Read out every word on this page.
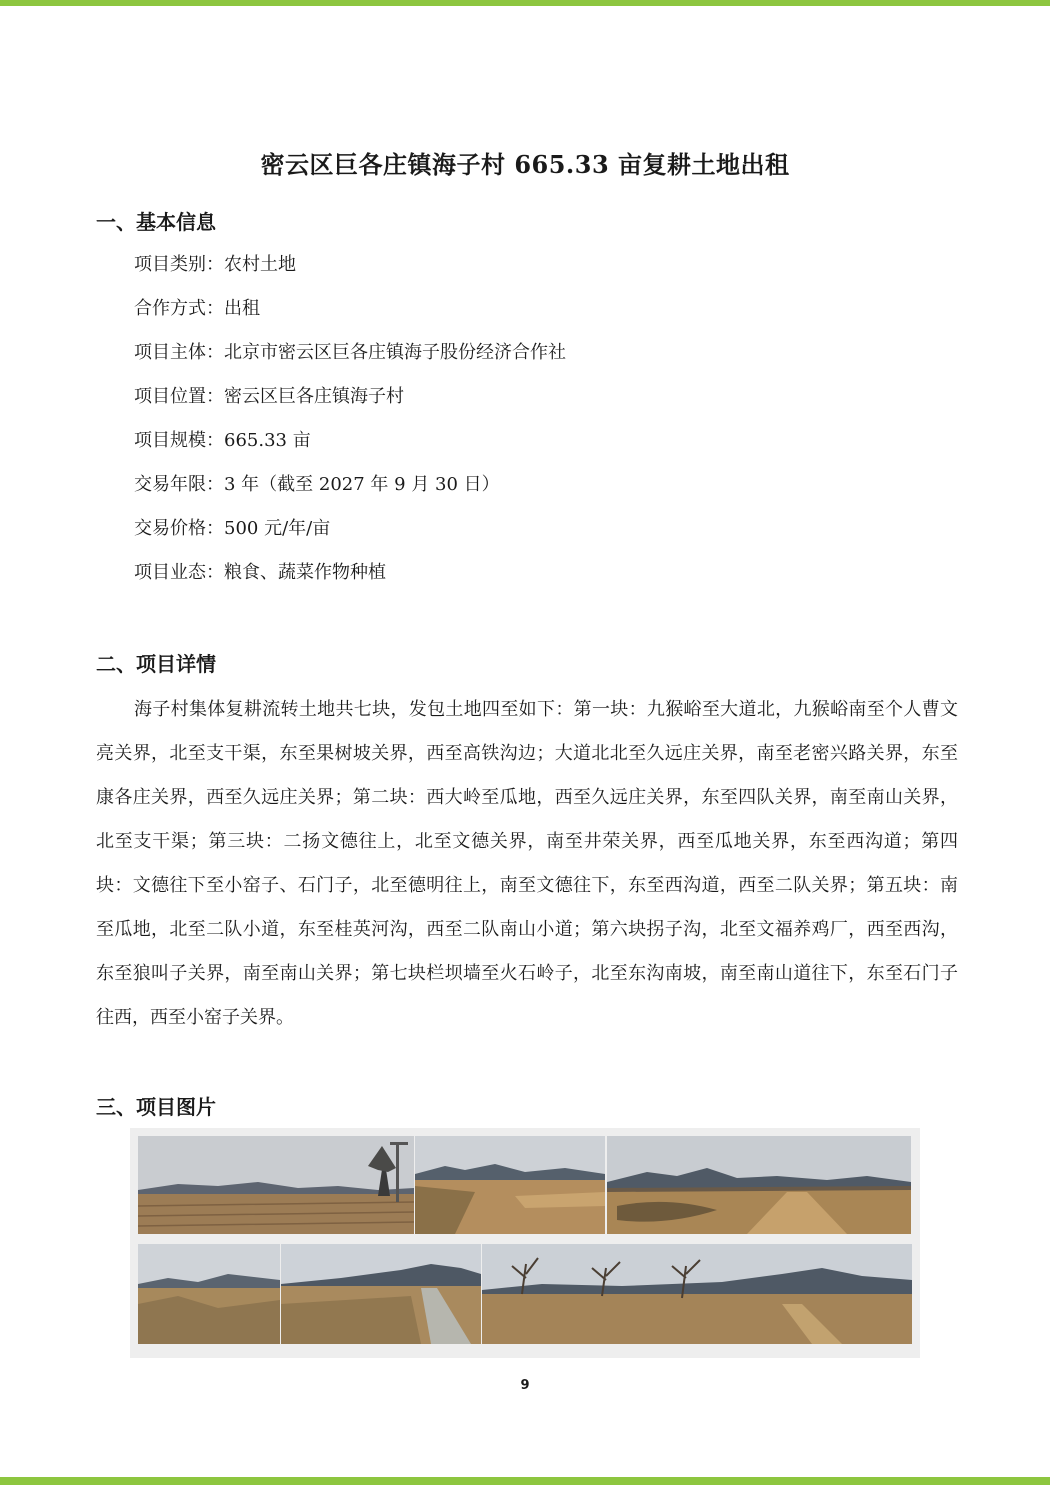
密云区巨各庄镇海子村 665.33 亩复耕土地出租
一、基本信息
项目类别：农村土地
合作方式：出租
项目主体：北京市密云区巨各庄镇海子股份经济合作社
项目位置：密云区巨各庄镇海子村
项目规模：665.33 亩
交易年限：3 年（截至 2027 年 9 月 30 日）
交易价格：500 元/年/亩
项目业态：粮食、蔬菜作物种植
二、项目详情
海子村集体复耕流转土地共七块，发包土地四至如下：第一块：九猴峪至大道北，九猴峪南至个人曹文亮关界，北至支干渠，东至果树坡关界，西至高铁沟边；大道北北至久远庄关界，南至老密兴路关界，东至康各庄关界，西至久远庄关界；第二块：西大岭至瓜地，西至久远庄关界，东至四队关界，南至南山关界，北至支干渠；第三块：二扬文德往上，北至文德关界，南至井荣关界，西至瓜地关界，东至西沟道；第四块：文德往下至小窑子、石门子，北至德明往上，南至文德往下，东至西沟道，西至二队关界；第五块：南至瓜地，北至二队小道，东至桂英河沟，西至二队南山小道；第六块拐子沟，北至文福养鸡厂，西至西沟，东至狼叫子关界，南至南山关界；第七块栏坝墙至火石岭子，北至东沟南坡，南至南山道往下，东至石门子往西，西至小窑子关界。
三、项目图片
9
